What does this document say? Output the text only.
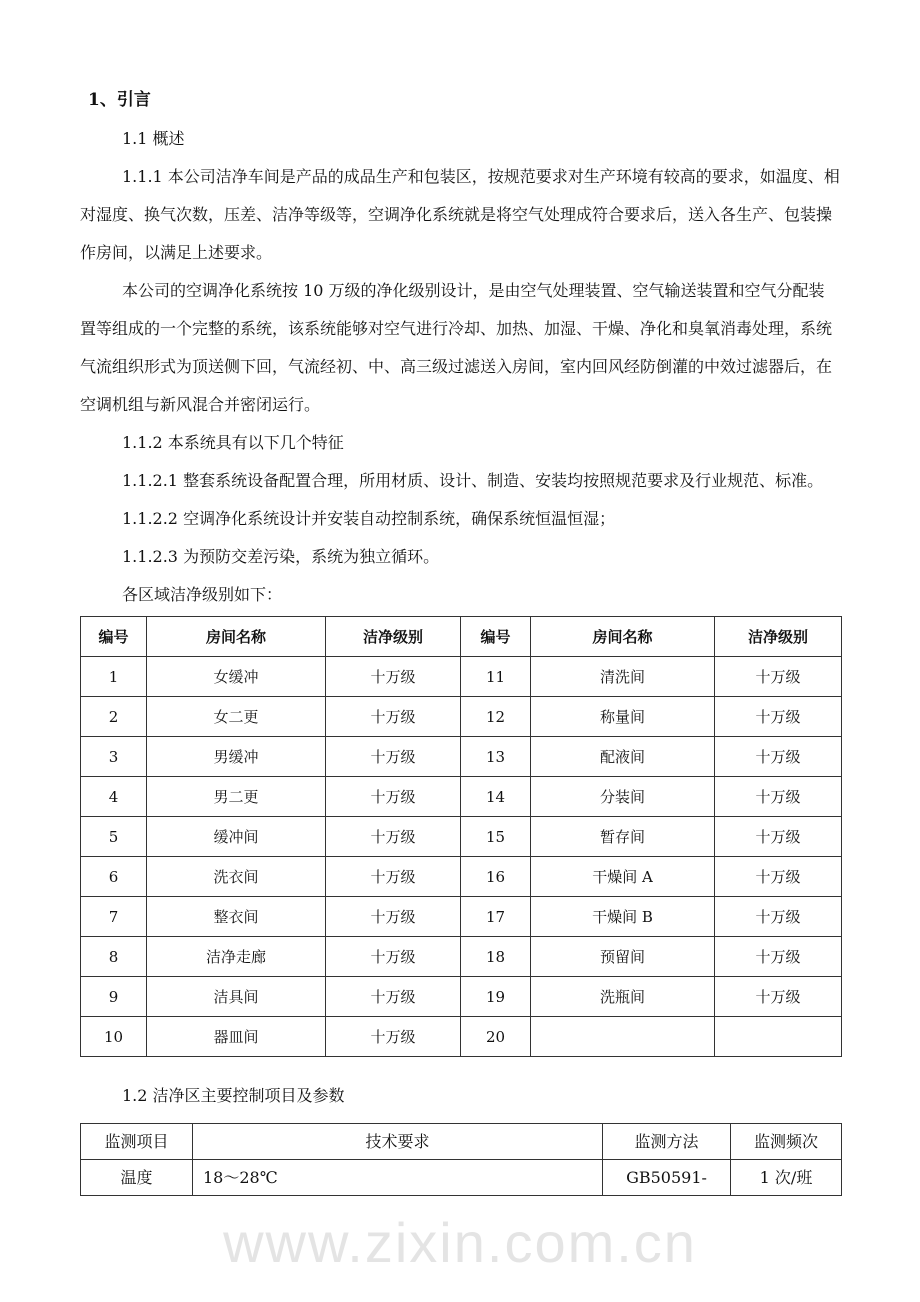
1、引言

1.1 概述

1.1.1 本公司洁净车间是产品的成品生产和包装区，按规范要求对生产环境有较高的要求，如温度、相对湿度、换气次数，压差、洁净等级等，空调净化系统就是将空气处理成符合要求后，送入各生产、包装操作房间，以满足上述要求。

本公司的空调净化系统按 10 万级的净化级别设计，是由空气处理装置、空气输送装置和空气分配装置等组成的一个完整的系统，该系统能够对空气进行冷却、加热、加湿、干燥、净化和臭氧消毒处理，系统气流组织形式为顶送侧下回，气流经初、中、高三级过滤送入房间，室内回风经防倒灌的中效过滤器后，在空调机组与新风混合并密闭运行。

1.1.2 本系统具有以下几个特征

1.1.2.1 整套系统设备配置合理，所用材质、设计、制造、安装均按照规范要求及行业规范、标准。

1.1.2.2 空调净化系统设计并安装自动控制系统，确保系统恒温恒湿；

1.1.2.3 为预防交差污染，系统为独立循环。

各区域洁净级别如下：

编号	房间名称	洁净级别	编号	房间名称	洁净级别
1	女缓冲	十万级	11	清洗间	十万级
2	女二更	十万级	12	称量间	十万级
3	男缓冲	十万级	13	配液间	十万级
4	男二更	十万级	14	分装间	十万级
5	缓冲间	十万级	15	暂存间	十万级
6	洗衣间	十万级	16	干燥间 A	十万级
7	整衣间	十万级	17	干燥间 B	十万级
8	洁净走廊	十万级	18	预留间	十万级
9	洁具间	十万级	19	洗瓶间	十万级
10	器皿间	十万级	20		

1.2 洁净区主要控制项目及参数

监测项目	技术要求	监测方法	监测频次
温度	18～28℃	GB50591-	1 次/班
www.zixin.com.cn
